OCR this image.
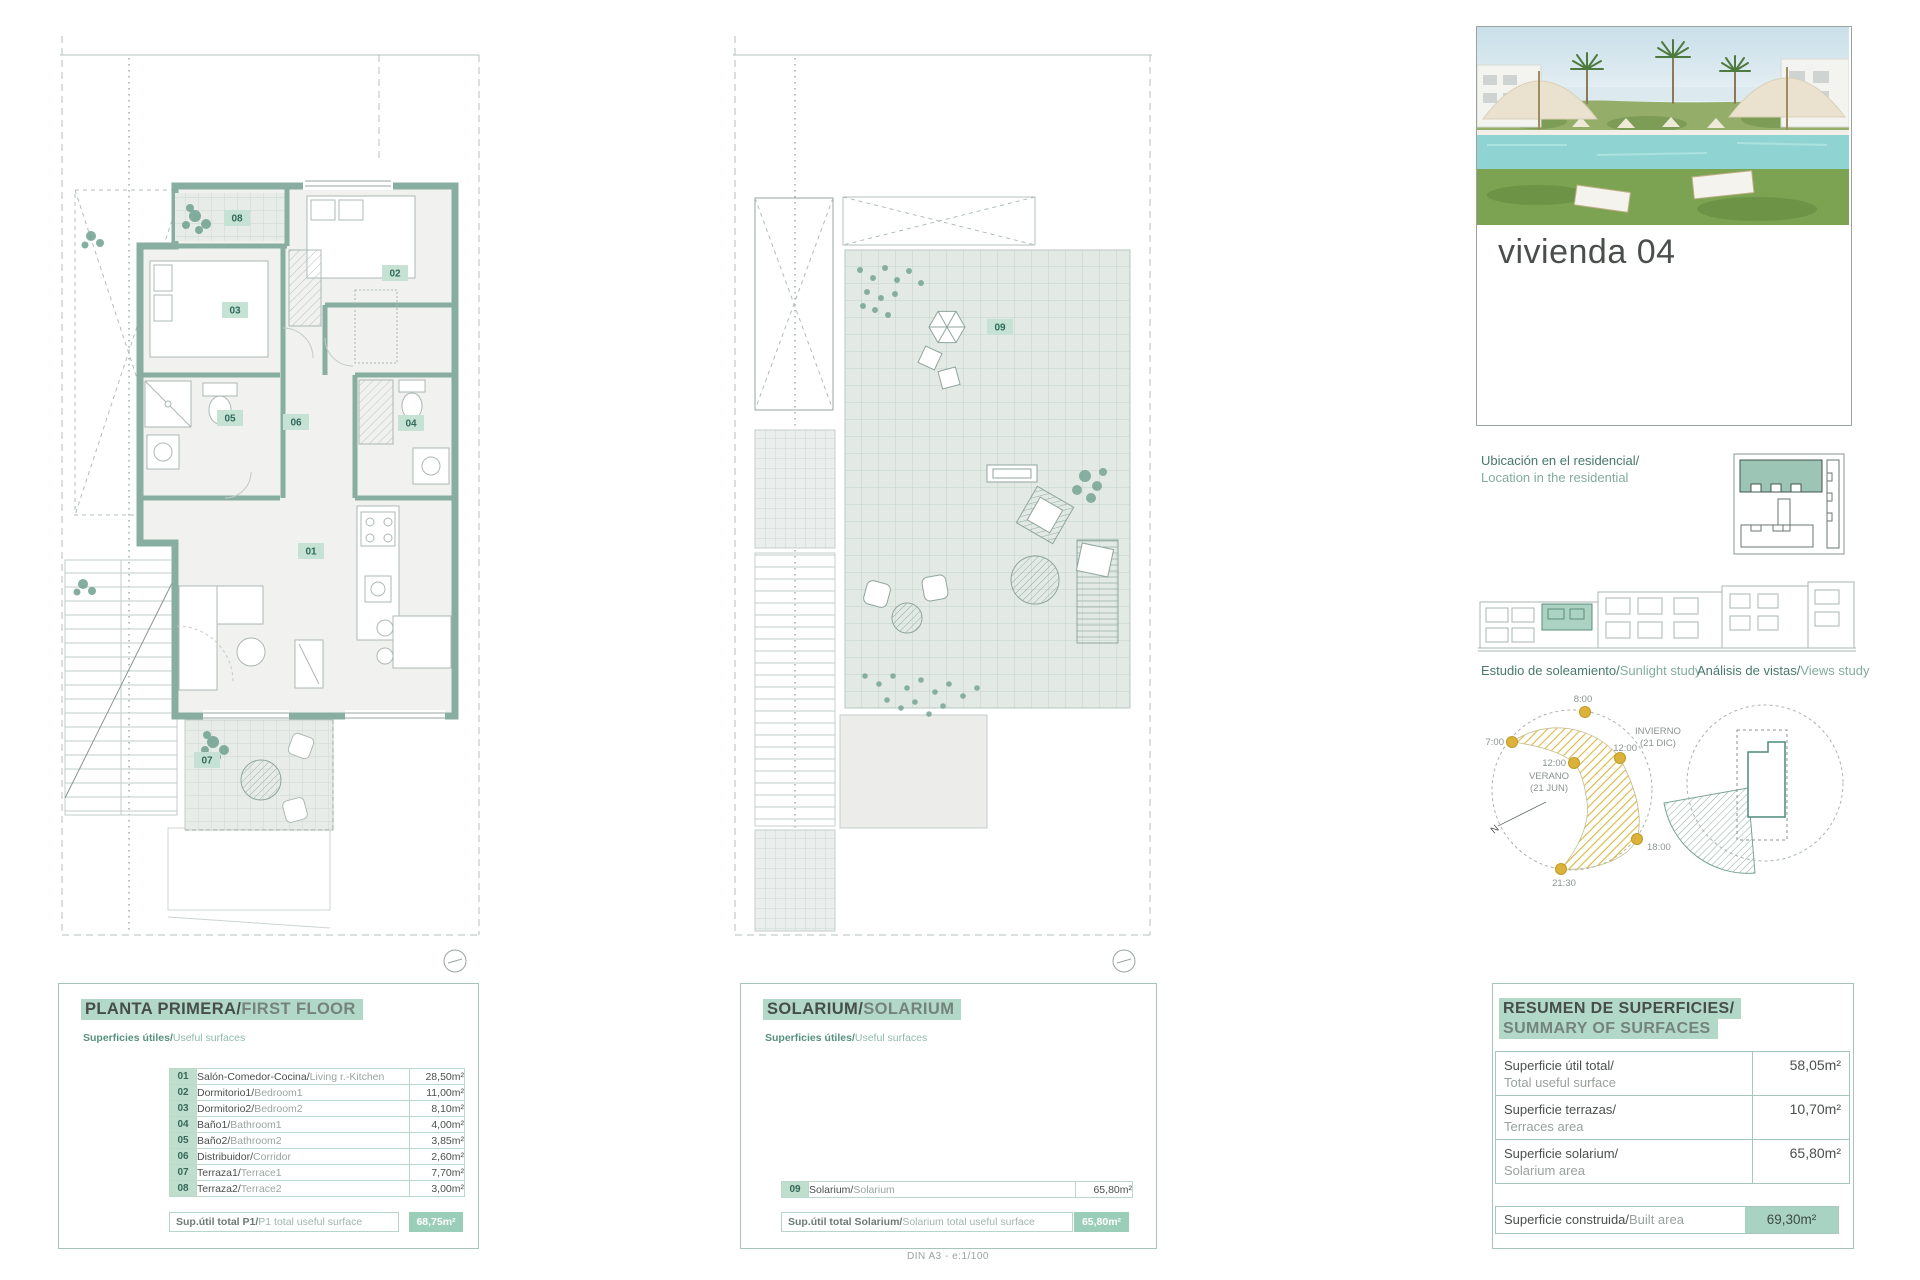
01
02
03
04
05	06
07
08
09
vivienda 04
Ubicación en el residencial/
Location in the residential
Estudio de soleamiento/Sunlight study
Análisis de vistas/Views study
8:00
7:00
12:00
VERANO
(21 JUN)
12:00
INVIERNO
(21 DIC)
18:00
21:30
N
PLANTA PRIMERA/FIRST FLOOR
Superficies útiles/Useful surfaces
01	Salón-Comedor-Cocina/Living r.-Kitchen	28,50m²
02	Dormitorio1/Bedroom1	11,00m²
03	Dormitorio2/Bedroom2	8,10m²
04	Baño1/Bathroom1	4,00m²
05	Baño2/Bathroom2	3,85m²
06	Distribuidor/Corridor	2,60m²
07	Terraza1/Terrace1	7,70m²
08	Terraza2/Terrace2	3,00m²
Sup.útil total P1/P1 total useful surface	68,75m²
SOLARIUM/SOLARIUM
Superficies útiles/Useful surfaces
09	Solarium/Solarium	65,80m²
Sup.útil total Solarium/Solarium total useful surface	65,80m²
RESUMEN DE SUPERFICIES/
SUMMARY OF SURFACES
Superficie útil total/
Total useful surface	58,05m²

Superficie terrazas/
Terraces area	10,70m²

Superficie solarium/
Solarium area	65,80m²
Superficie construida/Built area	69,30m²
DIN A3 - e:1/100
